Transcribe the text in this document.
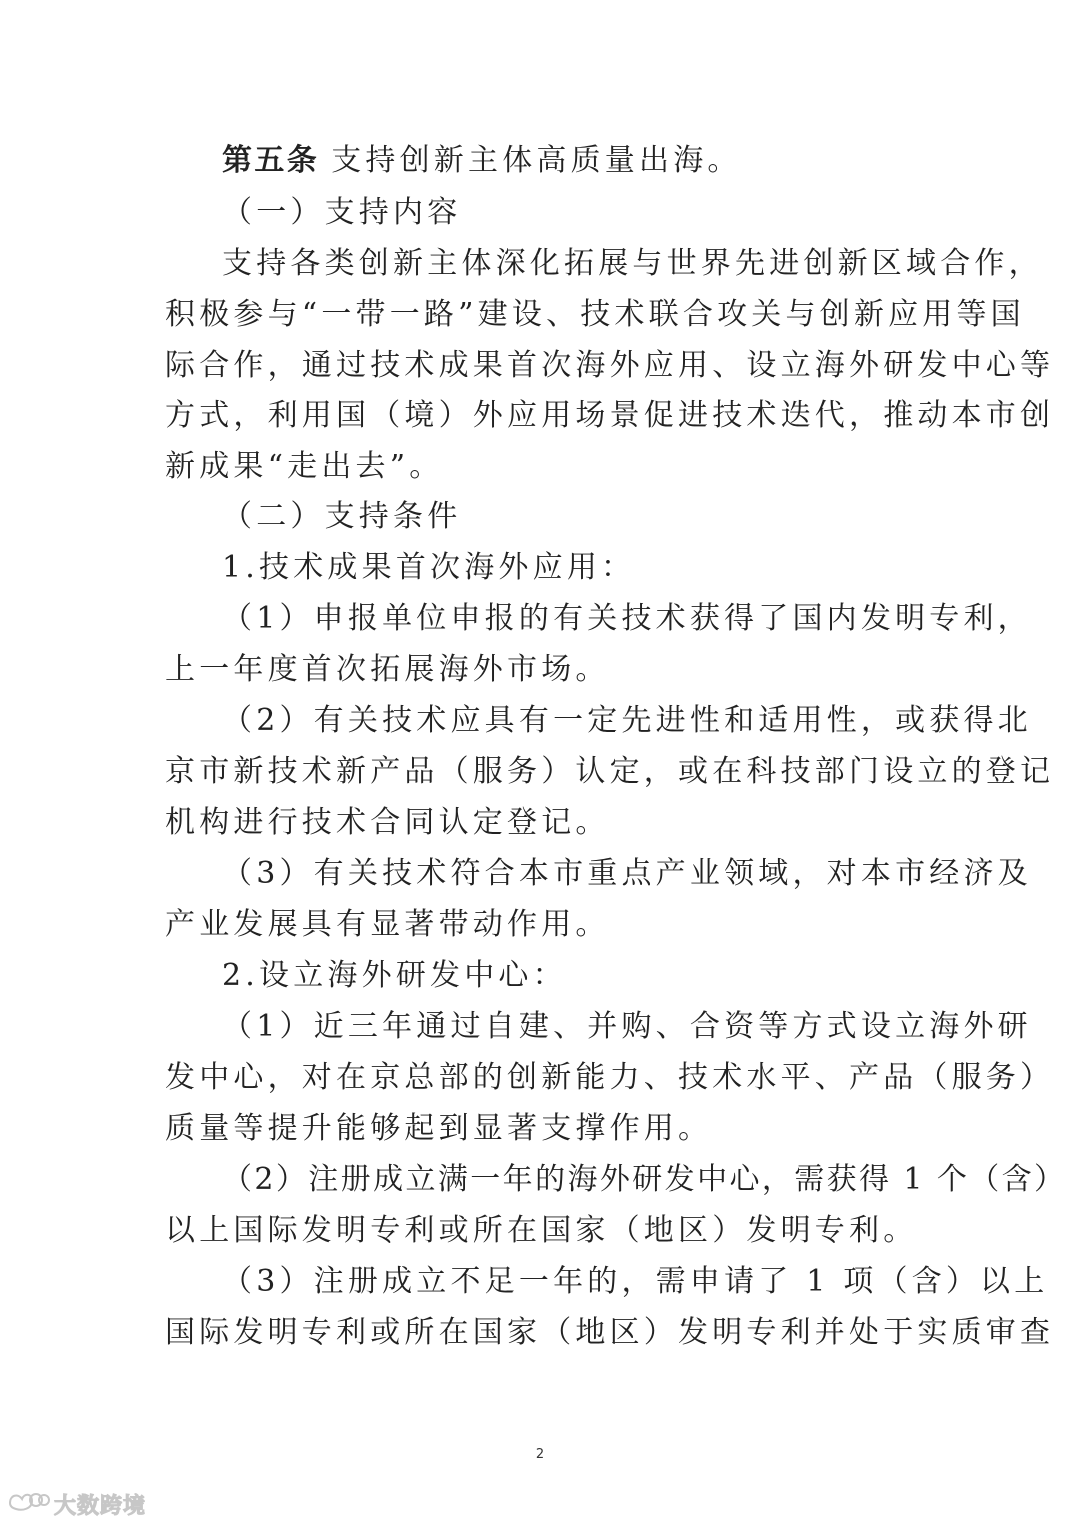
第五条 支持创新主体高质量出海。
（一）支持内容
支持各类创新主体深化拓展与世界先进创新区域合作，
积极参与“一带一路”建设、技术联合攻关与创新应用等国
际合作，通过技术成果首次海外应用、设立海外研发中心等
方式，利用国（境）外应用场景促进技术迭代，推动本市创
新成果“走出去”。
（二）支持条件
1.技术成果首次海外应用：
（1）申报单位申报的有关技术获得了国内发明专利，
上一年度首次拓展海外市场。
（2）有关技术应具有一定先进性和适用性，或获得北
京市新技术新产品（服务）认定，或在科技部门设立的登记
机构进行技术合同认定登记。
（3）有关技术符合本市重点产业领域，对本市经济及
产业发展具有显著带动作用。
2.设立海外研发中心：
（1）近三年通过自建、并购、合资等方式设立海外研
发中心，对在京总部的创新能力、技术水平、产品（服务）
质量等提升能够起到显著支撑作用。
（2）注册成立满一年的海外研发中心，需获得 1 个（含）
以上国际发明专利或所在国家（地区）发明专利。
（3）注册成立不足一年的，需申请了 1 项（含）以上
国际发明专利或所在国家（地区）发明专利并处于实质审查
2
大数跨境
